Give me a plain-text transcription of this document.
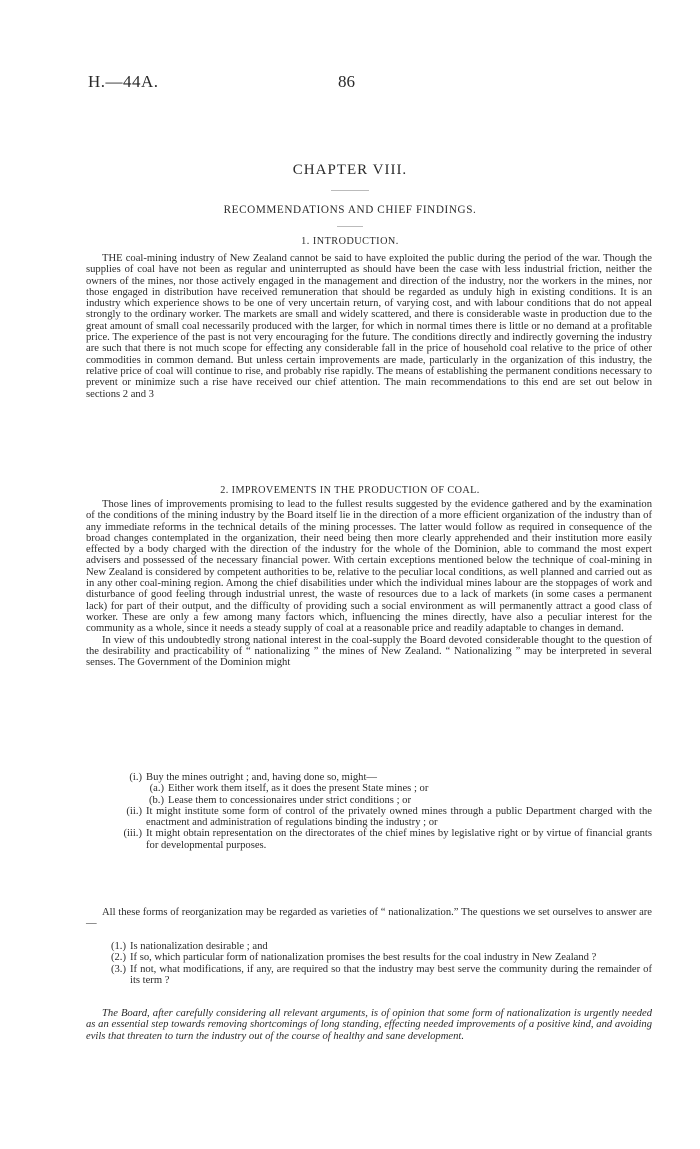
H.—44A.	86
CHAPTER VIII.
RECOMMENDATIONS AND CHIEF FINDINGS.
1. INTRODUCTION.

THE coal-mining industry of New Zealand cannot be said to have exploited the public during the period of the war. Though the supplies of coal have not been as regular and uninterrupted as should have been the case with less industrial friction, neither the owners of the mines, nor those actively engaged in the management and direction of the industry, nor the workers in the mines, nor those engaged in distribution have received remuneration that should be regarded as unduly high in existing conditions. It is an industry which experience shows to be one of very uncertain return, of varying cost, and with labour conditions that do not appeal strongly to the ordinary worker. The markets are small and widely scattered, and there is considerable waste in production due to the great amount of small coal necessarily produced with the larger, for which in normal times there is little or no demand at a profitable price. The experience of the past is not very encouraging for the future. The conditions directly and indirectly governing the industry are such that there is not much scope for effecting any considerable fall in the price of household coal relative to the price of other commodities in common demand. But unless certain improvements are made, particularly in the organization of this industry, the relative price of coal will continue to rise, and probably rise rapidly. The means of establishing the permanent conditions necessary to prevent or minimize such a rise have received our chief attention. The main recommendations to this end are set out below in sections 2 and 3

2. IMPROVEMENTS IN THE PRODUCTION OF COAL.

Those lines of improvements promising to lead to the fullest results suggested by the evidence gathered and by the examination of the conditions of the mining industry by the Board itself lie in the direction of a more efficient organization of the industry than of any immediate reforms in the technical details of the mining processes. The latter would follow as required in consequence of the broad changes contemplated in the organization, their need being then more clearly apprehended and their institution more easily effected by a body charged with the direction of the industry for the whole of the Dominion, able to command the most expert advisers and possessed of the necessary financial power. With certain exceptions mentioned below the technique of coal-mining in New Zealand is considered by competent authorities to be, relative to the peculiar local conditions, as well planned and carried out as in any other coal-mining region. Among the chief disabilities under which the individual mines labour are the stoppages of work and disturbance of good feeling through industrial unrest, the waste of resources due to a lack of markets (in some cases a permanent lack) for part of their output, and the difficulty of providing such a social environment as will permanently attract a good class of worker. These are only a few among many factors which, influencing the mines directly, have also a peculiar interest for the community as a whole, since it needs a steady supply of coal at a reasonable price and readily adaptable to changes in demand.

In view of this undoubtedly strong national interest in the coal-supply the Board devoted considerable thought to the question of the desirability and practicability of “ nationalizing ” the mines of New Zealand. “ Nationalizing ” may be interpreted in several senses. The Government of the Dominion might

(i.) Buy the mines outright ; and, having done so, might—
(a.) Either work them itself, as it does the present State mines ; or
(b.) Lease them to concessionaires under strict conditions ; or
(ii.) It might institute some form of control of the privately owned mines through a public Department charged with the enactment and administration of regulations binding the industry ; or
(iii.) It might obtain representation on the directorates of the chief mines by legislative right or by virtue of financial grants for developmental purposes.

All these forms of reorganization may be regarded as varieties of “ nationalization.” The questions we set ourselves to answer are—

(1.) Is nationalization desirable ; and
(2.) If so, which particular form of nationalization promises the best results for the coal industry in New Zealand ?
(3.) If not, what modifications, if any, are required so that the industry may best serve the community during the remainder of its term ?

The Board, after carefully considering all relevant arguments, is of opinion that some form of nationalization is urgently needed as an essential step towards removing shortcomings of long standing, effecting needed improvements of a positive kind, and avoiding evils that threaten to turn the industry out of the course of healthy and sane development.
